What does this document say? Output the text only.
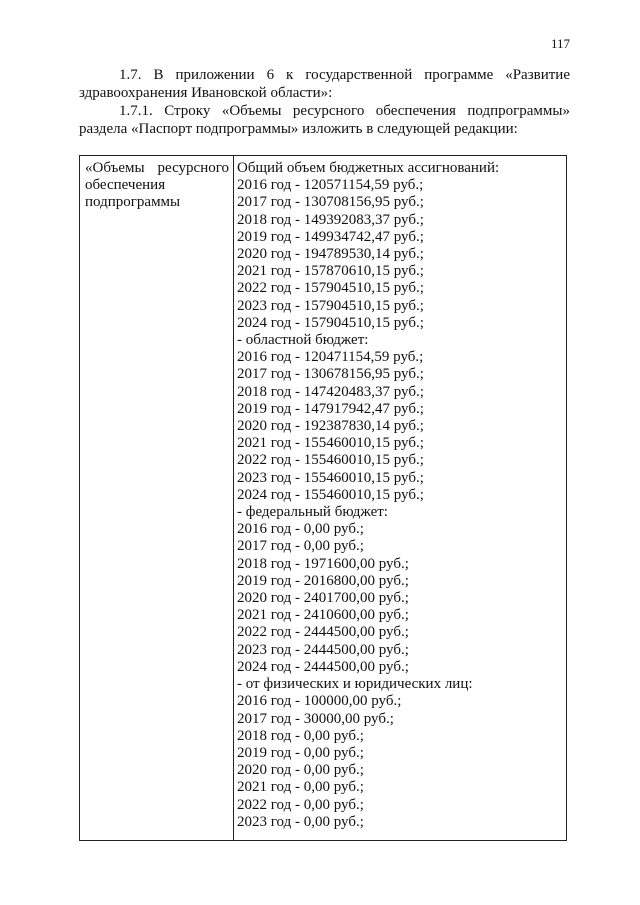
117
1.7. В приложении 6 к государственной программе «Развитие
здравоохранения Ивановской области»:
1.7.1. Строку «Объемы ресурсного обеспечения подпрограммы»
раздела «Паспорт подпрограммы» изложить в следующей редакции:
«Объемы ресурсного
обеспечения
подпрограммы
Общий объем бюджетных ассигнований:
2016 год - 120571154,59 руб.;
2017 год - 130708156,95 руб.;
2018 год - 149392083,37 руб.;
2019 год - 149934742,47 руб.;
2020 год - 194789530,14 руб.;
2021 год - 157870610,15 руб.;
2022 год - 157904510,15 руб.;
2023 год - 157904510,15 руб.;
2024 год - 157904510,15 руб.;
- областной бюджет:
2016 год - 120471154,59 руб.;
2017 год - 130678156,95 руб.;
2018 год - 147420483,37 руб.;
2019 год - 147917942,47 руб.;
2020 год - 192387830,14 руб.;
2021 год - 155460010,15 руб.;
2022 год - 155460010,15 руб.;
2023 год - 155460010,15 руб.;
2024 год - 155460010,15 руб.;
- федеральный бюджет:
2016 год - 0,00 руб.;
2017 год - 0,00 руб.;
2018 год - 1971600,00 руб.;
2019 год - 2016800,00 руб.;
2020 год - 2401700,00 руб.;
2021 год - 2410600,00 руб.;
2022 год - 2444500,00 руб.;
2023 год - 2444500,00 руб.;
2024 год - 2444500,00 руб.;
- от физических и юридических лиц:
2016 год - 100000,00 руб.;
2017 год - 30000,00 руб.;
2018 год - 0,00 руб.;
2019 год - 0,00 руб.;
2020 год - 0,00 руб.;
2021 год - 0,00 руб.;
2022 год - 0,00 руб.;
2023 год - 0,00 руб.;
